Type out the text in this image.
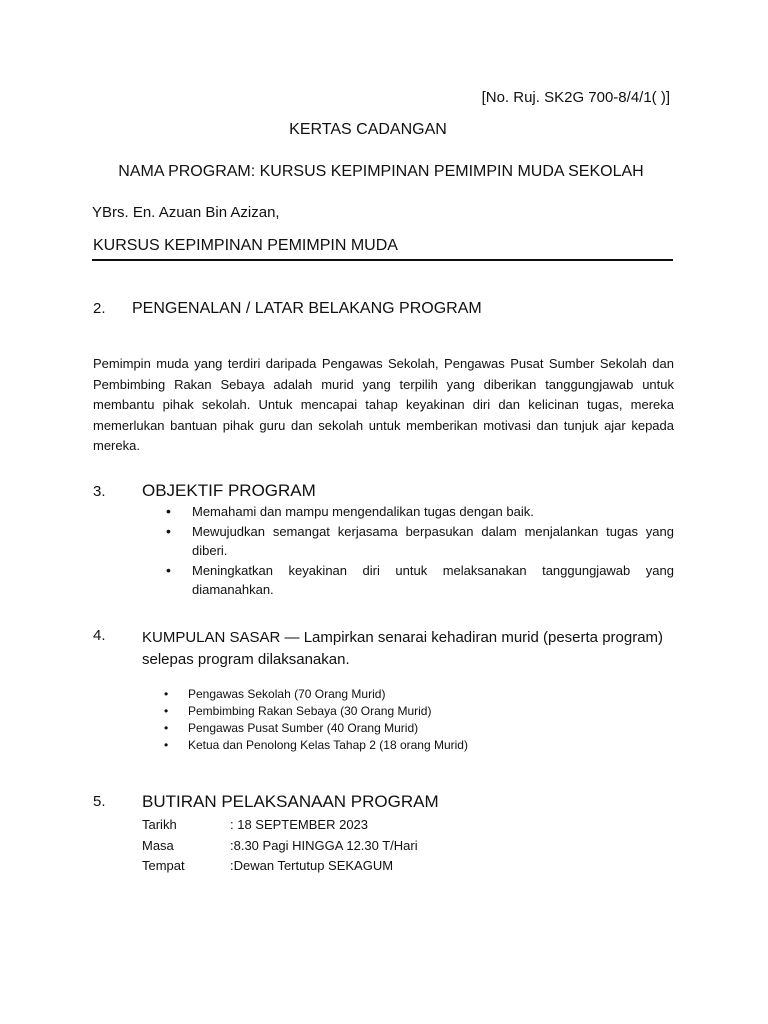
[No. Ruj. SK2G 700-8/4/1( )]
KERTAS CADANGAN
NAMA PROGRAM: KURSUS KEPIMPINAN PEMIMPIN MUDA SEKOLAH
YBrs. En. Azuan Bin Azizan,
KURSUS KEPIMPINAN PEMIMPIN MUDA
2. PENGENALAN / LATAR BELAKANG PROGRAM
Pemimpin muda yang terdiri daripada Pengawas Sekolah, Pengawas Pusat Sumber Sekolah dan Pembimbing Rakan Sebaya adalah murid yang terpilih yang diberikan tanggungjawab untuk membantu pihak sekolah. Untuk mencapai tahap keyakinan diri dan kelicinan tugas, mereka memerlukan bantuan pihak guru dan sekolah untuk memberikan motivasi dan tunjuk ajar kepada mereka.
3. OBJEKTIF PROGRAM
• Memahami dan mampu mengendalikan tugas dengan baik.
• Mewujudkan semangat kerjasama berpasukan dalam menjalankan tugas yang diberi.
• Meningkatkan keyakinan diri untuk melaksanakan tanggungjawab yang diamanahkan.
4. KUMPULAN SASAR — Lampirkan senarai kehadiran murid (peserta program) selepas program dilaksanakan.
• Pengawas Sekolah (70 Orang Murid)
• Pembimbing Rakan Sebaya (30 Orang Murid)
• Pengawas Pusat Sumber (40 Orang Murid)
• Ketua dan Penolong Kelas Tahap 2 (18 orang Murid)
5. BUTIRAN PELAKSANAAN PROGRAM
Tarikh	: 18 SEPTEMBER 2023
Masa	:8.30 Pagi HINGGA 12.30 T/Hari
Tempat	:Dewan Tertutup SEKAGUM
